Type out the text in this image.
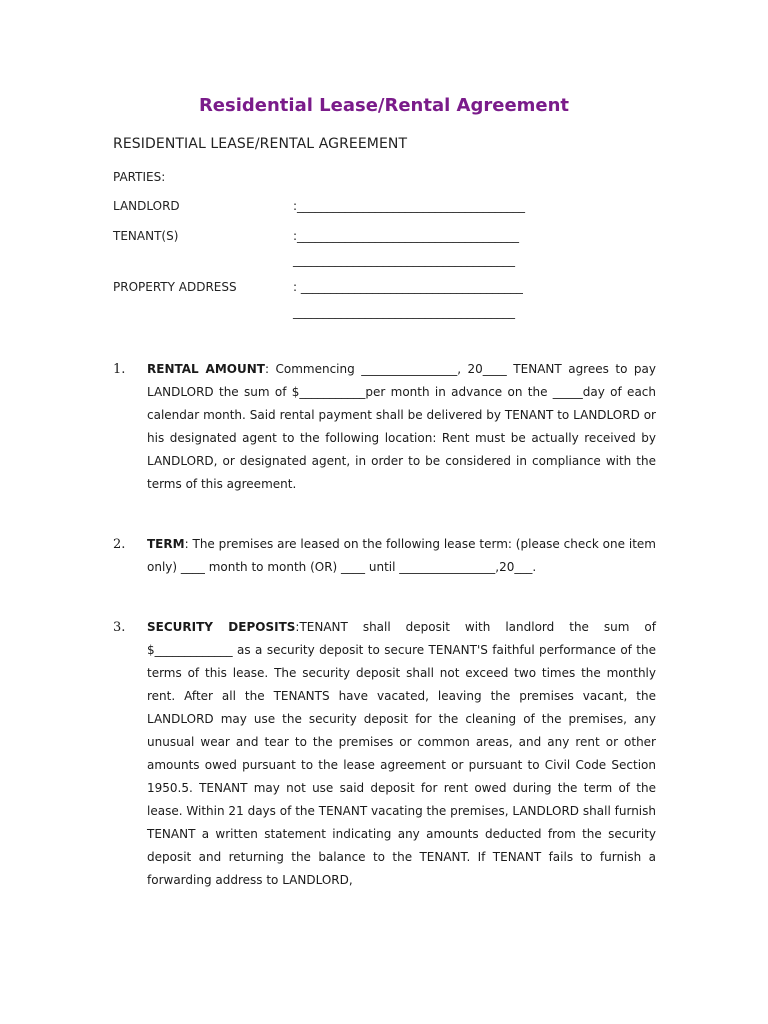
Residential Lease/Rental Agreement

RESIDENTIAL LEASE/RENTAL AGREEMENT

PARTIES:
LANDLORD	:______________________________________
TENANT(S)	:_____________________________________
_____________________________________
PROPERTY ADDRESS	: _____________________________________
_____________________________________
1. RENTAL AMOUNT: Commencing ________________, 20____ TENANT agrees to pay LANDLORD the sum of $___________per month in advance on the _____day of each calendar month. Said rental payment shall be delivered by TENANT to LANDLORD or his designated agent to the following location: Rent must be actually received by LANDLORD, or designated agent, in order to be considered in compliance with the terms of this agreement.
2. TERM: The premises are leased on the following lease term: (please check one item only) ____ month to month (OR) ____ until ________________,20___.
3. SECURITY DEPOSITS:TENANT shall deposit with landlord the sum of $_____________ as a security deposit to secure TENANT'S faithful performance of the terms of this lease. The security deposit shall not exceed two times the monthly rent. After all the TENANTS have vacated, leaving the premises vacant, the LANDLORD may use the security deposit for the cleaning of the premises, any unusual wear and tear to the premises or common areas, and any rent or other amounts owed pursuant to the lease agreement or pursuant to Civil Code Section 1950.5. TENANT may not use said deposit for rent owed during the term of the lease. Within 21 days of the TENANT vacating the premises, LANDLORD shall furnish TENANT a written statement indicating any amounts deducted from the security deposit and returning the balance to the TENANT. If TENANT fails to furnish a forwarding address to LANDLORD,
